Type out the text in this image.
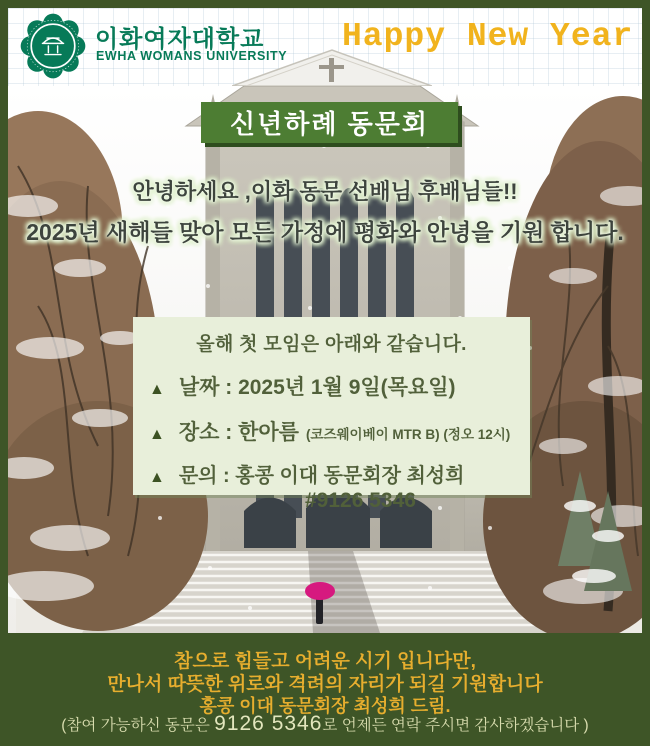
이화여자대학교
EWHA WOMANS UNIVERSITY
Happy New Year
신년하례 동문회
안녕하세요 ,이화 동문 선배님 후배님들!!
2025년 새해들 맞아 모든 가정에 평화와 안녕을 기원 합니다.
올해 첫 모임은 아래와 같습니다.
▲ 날짜 : 2025년 1월 9일(목요일)
▲ 장소 : 한아름 (코즈웨이베이 MTR B) (정오 12시)
▲ 문의 : 홍콩 이대 동문회장 최성희
#9126 5346
참으로 힘들고 어려운 시기 입니다만,
만나서 따뜻한 위로와 격려의 자리가 되길 기원합니다
홍콩 이대 동문회장 최성희 드림.
(참여 가능하신 동문은 9126 5346로 언제든 연락 주시면 감사하겠습니다 )
